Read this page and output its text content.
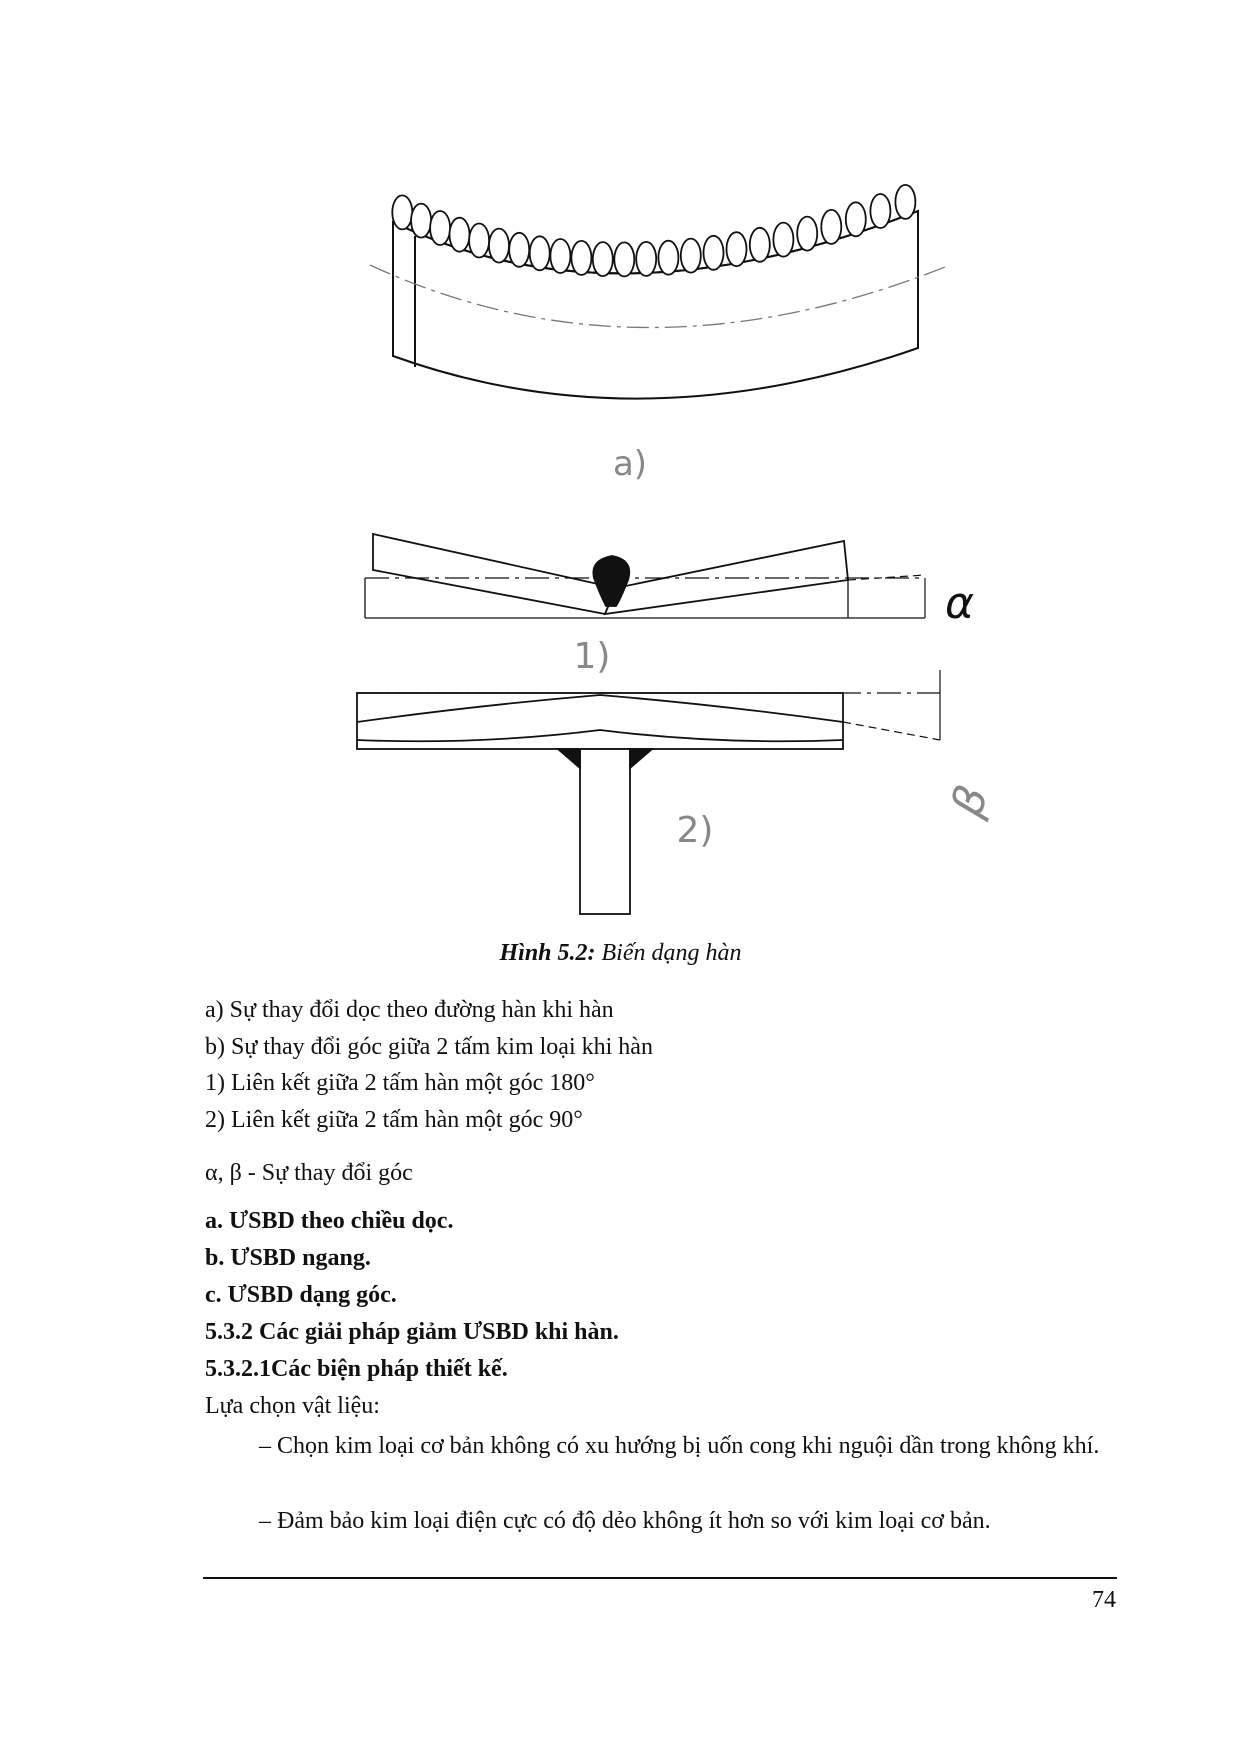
a)
α
1)
β
2)

Hình 5.2: Biến dạng hàn

a) Sự thay đổi dọc theo đường hàn khi hàn

b) Sự thay đổi góc giữa 2 tấm kim loại khi hàn

1) Liên kết giữa 2 tấm hàn một góc 180°

2) Liên kết giữa 2 tấm hàn một góc 90°

α, β - Sự thay đổi góc

a. ƯSBD theo chiều dọc.

b. ƯSBD ngang.

c. ƯSBD dạng góc.

5.3.2 Các giải pháp giảm ƯSBD khi hàn.

5.3.2.1Các biện pháp thiết kế.

Lựa chọn vật liệu:

– Chọn kim loại cơ bản không có xu hướng bị uốn cong khi nguội dần trong không khí.

– Đảm bảo kim loại điện cực có độ dẻo không ít hơn so với kim loại cơ bản.

74
